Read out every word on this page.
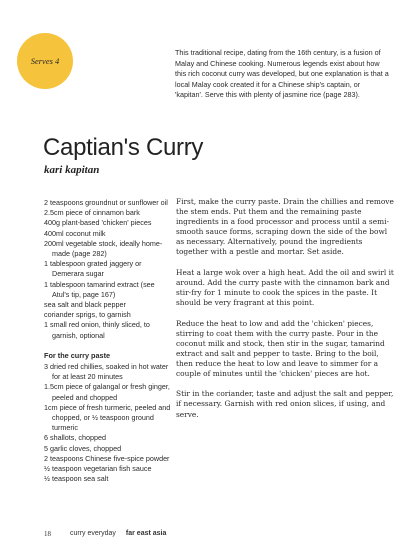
Serves 4

This traditional recipe, dating from the 16th century, is a fusion of Malay and Chinese cooking. Numerous legends exist about how this rich coconut curry was developed, but one explanation is that a local Malay cook created it for a Chinese ship's captain, or 'kapitan'. Serve this with plenty of jasmine rice (page 283).

Captian's Curry
kari kapitan
2 teaspoons groundnut or sunflower oil
2.5cm piece of cinnamon bark
400g plant-based 'chicken' pieces
400ml coconut milk
200ml vegetable stock, ideally home-made (page 282)
1 tablespoon grated jaggery or Demerara sugar
1 tablespoon tamarind extract (see Atul's tip, page 167)
sea salt and black pepper
coriander sprigs, to garnish
1 small red onion, thinly sliced, to garnish, optional
For the curry paste
3 dried red chillies, soaked in hot water for at least 20 minutes
1.5cm piece of galangal or fresh ginger, peeled and chopped
1cm piece of fresh turmeric, peeled and chopped, or ½ teaspoon ground turmeric
6 shallots, chopped
5 garlic cloves, chopped
2 teaspoons Chinese five-spice powder
½ teaspoon vegetarian fish sauce
½ teaspoon sea salt

First, make the curry paste. Drain the chillies and remove the stem ends. Put them and the remaining paste ingredients in a food processor and process until a semi-smooth sauce forms, scraping down the side of the bowl as necessary. Alternatively, pound the ingredients together with a pestle and mortar. Set aside.

Heat a large wok over a high heat. Add the oil and swirl it around. Add the curry paste with the cinnamon bark and stir-fry for 1 minute to cook the spices in the paste. It should be very fragrant at this point.

Reduce the heat to low and add the 'chicken' pieces, stirring to coat them with the curry paste. Pour in the coconut milk and stock, then stir in the sugar, tamarind extract and salt and pepper to taste. Bring to the boil, then reduce the heat to low and leave to simmer for a couple of minutes until the 'chicken' pieces are hot.

Stir in the coriander, taste and adjust the salt and pepper, if necessary. Garnish with red onion slices, if using, and serve.

18	curry everyday far east asia
